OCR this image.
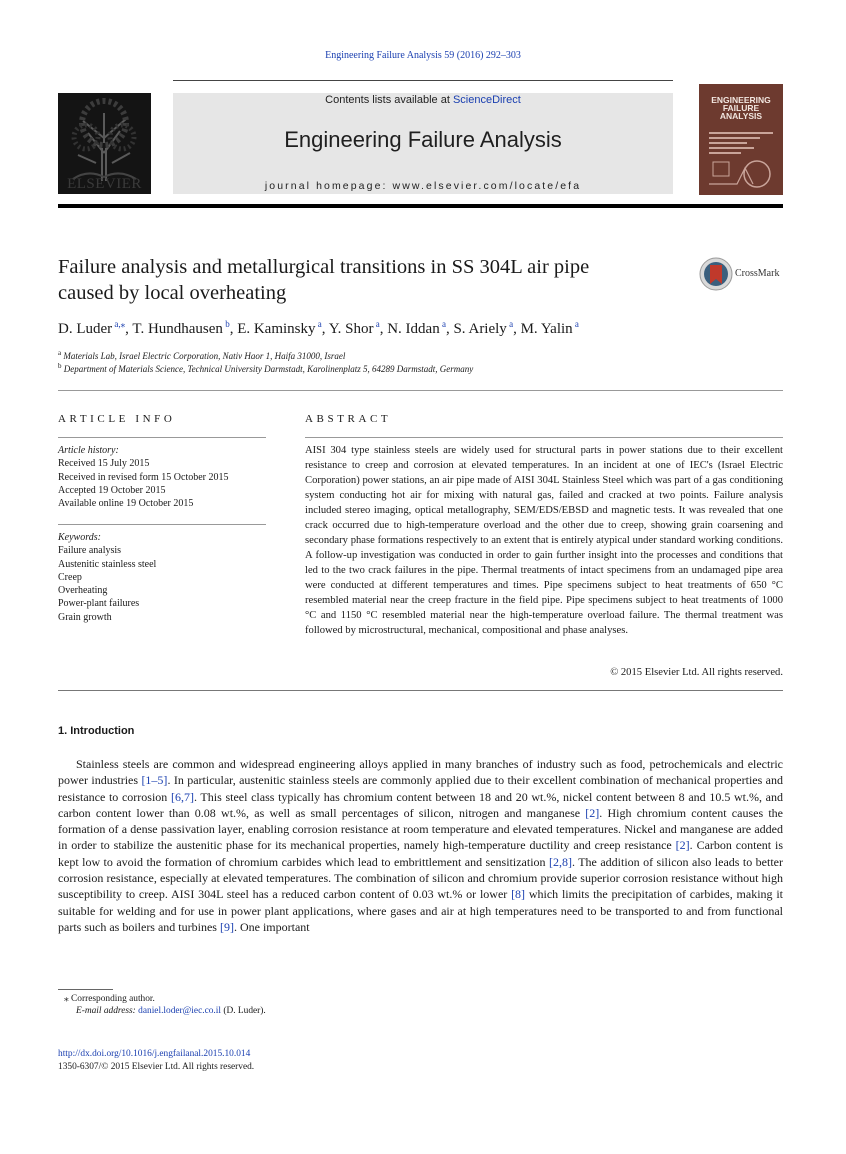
Engineering Failure Analysis 59 (2016) 292–303
ELSEVIER
Contents lists available at ScienceDirect
Engineering Failure Analysis
journal homepage: www.elsevier.com/locate/efa
ENGINEERING
FAILURE
ANALYSIS
Failure analysis and metallurgical transitions in SS 304L air pipe
caused by local overheating
CrossMark
D. Luder $^{a,⁎}$, T. Hundhausen $^b$, E. Kaminsky $^a$, Y. Shor $^a$, N. Iddan $^a$, S. Ariely $^a$, M. Yalin $^a$
$^a$ Materials Lab, Israel Electric Corporation, Nativ Haor 1, Haifa 31000, Israel
$^b$ Department of Materials Science, Technical University Darmstadt, Karolinenplatz 5, 64289 Darmstadt, Germany
ARTICLE INFO
Article history:
Received 15 July 2015
Received in revised form 15 October 2015
Accepted 19 October 2015
Available online 19 October 2015
Keywords:
Failure analysis
Austenitic stainless steel
Creep
Overheating
Power-plant failures
Grain growth
ABSTRACT
AISI 304 type stainless steels are widely used for structural parts in power stations due to their excellent resistance to creep and corrosion at elevated temperatures. In an incident at one of IEC's (Israel Electric Corporation) power stations, an air pipe made of AISI 304L Stainless Steel which was part of a gas conditioning system conducting hot air for mixing with natural gas, failed and cracked at two points. Failure analysis included stereo imaging, optical metallography, SEM/EDS/EBSD and magnetic tests. It was revealed that one crack occurred due to high-temperature overload and the other due to creep, showing grain coarsening and secondary phase formations respectively to an extent that is entirely atypical under standard working conditions. A follow-up investigation was conducted in order to gain further insight into the processes and conditions that led to the two crack failures in the pipe. Thermal treatments of intact specimens from an undamaged pipe area were conducted at different temperatures and times. Pipe specimens subject to heat treatments of 650 °C resembled material near the creep fracture in the field pipe. Pipe specimens subject to heat treatments of 1000 °C and 1150 °C resembled material near the high-temperature overload failure. The thermal treatment was followed by microstructural, mechanical, compositional and phase analyses.
© 2015 Elsevier Ltd. All rights reserved.
1. Introduction
Stainless steels are common and widespread engineering alloys applied in many branches of industry such as food, petrochemicals and electric power industries [1–5]. In particular, austenitic stainless steels are commonly applied due to their excellent combination of mechanical properties and resistance to corrosion [6,7]. This steel class typically has chromium content between 18 and 20 wt.%, nickel content between 8 and 10.5 wt.%, and carbon content lower than 0.08 wt.%, as well as small percentages of silicon, nitrogen and manganese [2]. High chromium content causes the formation of a dense passivation layer, enabling corrosion resistance at room temperature and elevated temperatures. Nickel and manganese are added in order to stabilize the austenitic phase for its mechanical properties, namely high-temperature ductility and creep resistance [2]. Carbon content is kept low to avoid the formation of chromium carbides which lead to embrittlement and sensitization [2,8]. The addition of silicon also leads to better corrosion resistance, especially at elevated temperatures. The combination of silicon and chromium provide superior corrosion resistance without high susceptibility to creep. AISI 304L steel has a reduced carbon content of 0.03 wt.% or lower [8] which limits the precipitation of carbides, making it suitable for welding and for use in power plant applications, where gases and air at high temperatures need to be transported to and from functional parts such as boilers and turbines [9]. One important
⁎ Corresponding author.
E-mail address: daniel.loder@iec.co.il (D. Luder).
http://dx.doi.org/10.1016/j.engfailanal.2015.10.014
1350-6307/© 2015 Elsevier Ltd. All rights reserved.
